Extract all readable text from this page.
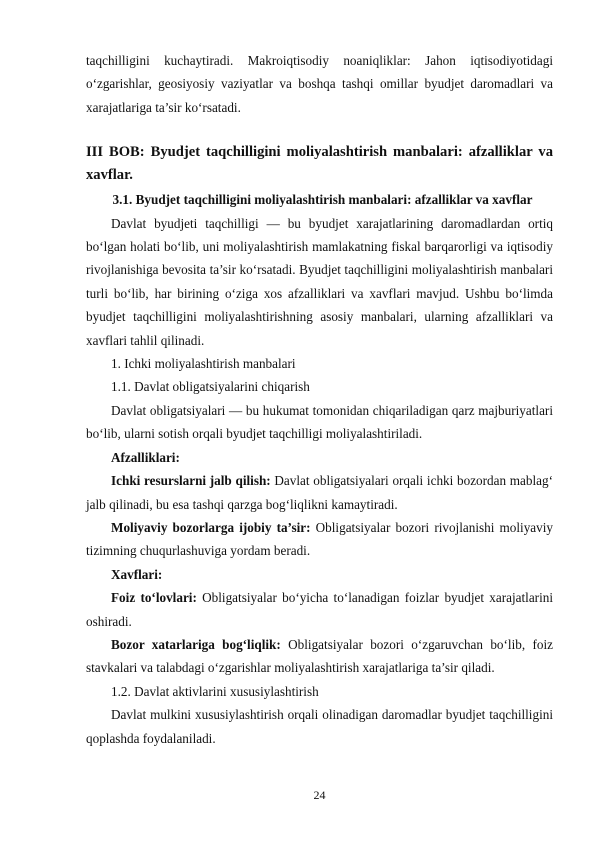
taqchilligini kuchaytiradi. Makroiqtisodiy noaniqliklar: Jahon iqtisodiyotidagi o‘zgarishlar, geosiyosiy vaziyatlar va boshqa tashqi omillar byudjet daromadlari va xarajatlariga ta’sir ko‘rsatadi.

III BOB: Byudjet taqchilligini moliyalashtirish manbalari: afzalliklar va xavflar.

3.1. Byudjet taqchilligini moliyalashtirish manbalari: afzalliklar va xavflar

Davlat byudjeti taqchilligi — bu byudjet xarajatlarining daromadlardan ortiq bo‘lgan holati bo‘lib, uni moliyalashtirish mamlakatning fiskal barqarorligi va iqtisodiy rivojlanishiga bevosita ta’sir ko‘rsatadi. Byudjet taqchilligini moliyalashtirish manbalari turli bo‘lib, har birining o‘ziga xos afzalliklari va xavflari mavjud. Ushbu bo‘limda byudjet taqchilligini moliyalashtirishning asosiy manbalari, ularning afzalliklari va xavflari tahlil qilinadi.

1. Ichki moliyalashtirish manbalari

1.1. Davlat obligatsiyalarini chiqarish

Davlat obligatsiyalari — bu hukumat tomonidan chiqariladigan qarz majburiyatlari bo‘lib, ularni sotish orqali byudjet taqchilligi moliyalashtiriladi.

Afzalliklari:

Ichki resurslarni jalb qilish: Davlat obligatsiyalari orqali ichki bozordan mablag‘ jalb qilinadi, bu esa tashqi qarzga bog‘liqlikni kamaytiradi.

Moliyaviy bozorlarga ijobiy ta’sir: Obligatsiyalar bozori rivojlanishi moliyaviy tizimning chuqurlashuviga yordam beradi.

Xavflari:

Foiz to‘lovlari: Obligatsiyalar bo‘yicha to‘lanadigan foizlar byudjet xarajatlarini oshiradi.

Bozor xatarlariga bog‘liqlik: Obligatsiyalar bozori o‘zgaruvchan bo‘lib, foiz stavkalari va talabdagi o‘zgarishlar moliyalashtirish xarajatlariga ta’sir qiladi.

1.2. Davlat aktivlarini xususiylashtirish

Davlat mulkini xususiylashtirish orqali olinadigan daromadlar byudjet taqchilligini qoplashda foydalaniladi.

24
